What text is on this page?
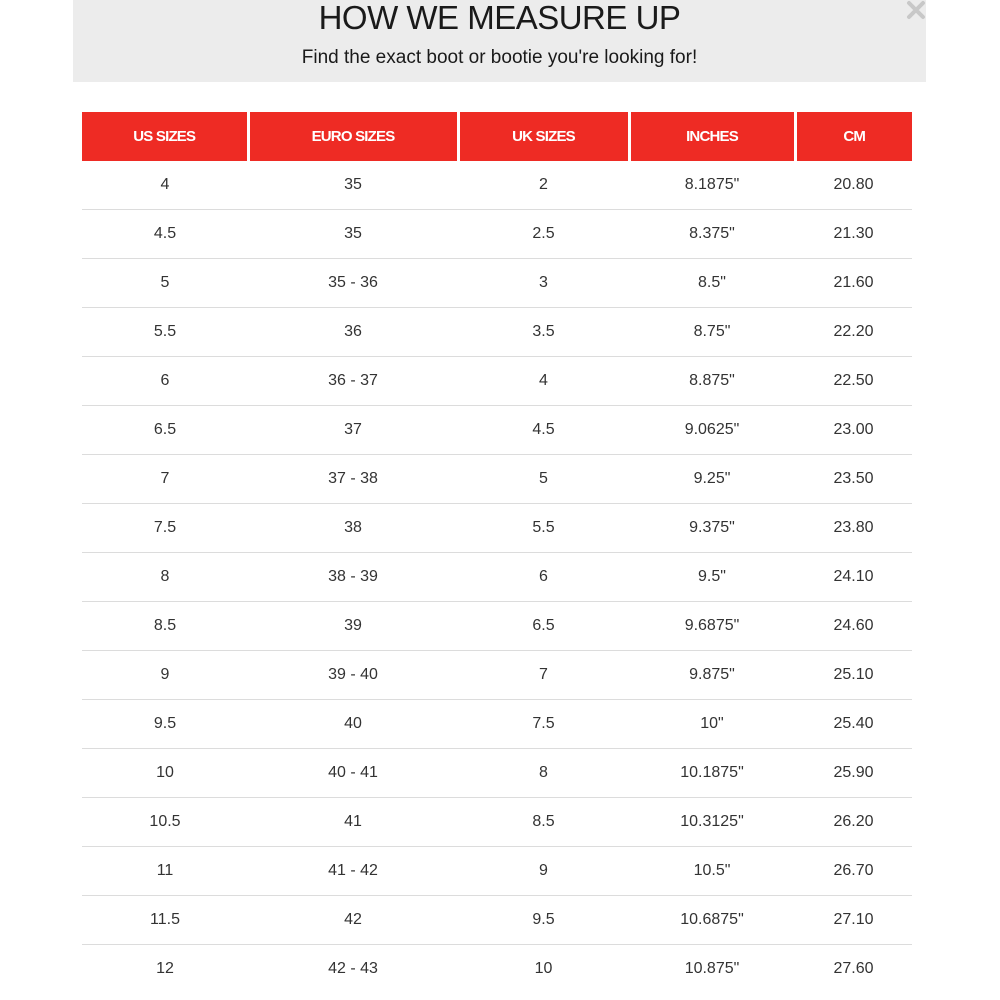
HOW WE MEASURE UP
Find the exact boot or bootie you're looking for!
US SIZES	EURO SIZES	UK SIZES	INCHES	CM
4	35	2	8.1875"	20.80
4.5	35	2.5	8.375"	21.30
5	35 - 36	3	8.5"	21.60
5.5	36	3.5	8.75"	22.20
6	36 - 37	4	8.875"	22.50
6.5	37	4.5	9.0625"	23.00
7	37 - 38	5	9.25"	23.50
7.5	38	5.5	9.375"	23.80
8	38 - 39	6	9.5"	24.10
8.5	39	6.5	9.6875"	24.60
9	39 - 40	7	9.875"	25.10
9.5	40	7.5	10"	25.40
10	40 - 41	8	10.1875"	25.90
10.5	41	8.5	10.3125"	26.20
11	41 - 42	9	10.5"	26.70
11.5	42	9.5	10.6875"	27.10
12	42 - 43	10	10.875"	27.60
